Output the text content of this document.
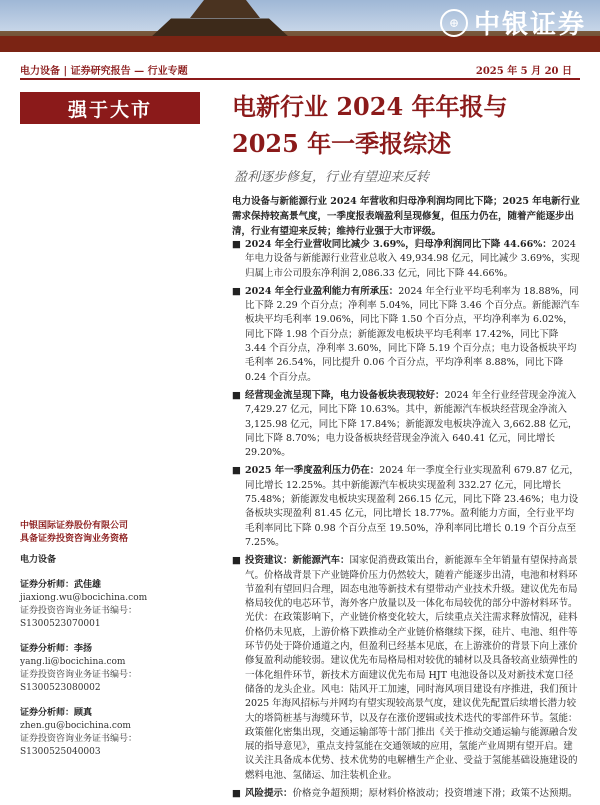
⊕ 中银证券
电力设备 | 证券研究报告 — 行业专题	2025 年 5 月 20 日
强于大市	电新行业 2024 年年报与
2025 年一季报综述
盈利逐步修复，行业有望迎来反转
电力设备与新能源行业 2024 年营收和归母净利润均同比下降；2025 年电新行业需求保持较高景气度，一季度报表端盈利呈现修复，但压力仍在，随着产能逐步出清，行业有望迎来反转；维持行业强于大市评级。
■ 2024 年全行业营收同比减少 3.69%，归母净利润同比下降 44.66%：2024 年电力设备与新能源行业营业总收入 49,934.98 亿元，同比减少 3.69%，实现归属上市公司股东净利润 2,086.33 亿元，同比下降 44.66%。
■ 2024 年全行业盈利能力有所承压：2024 年全行业平均毛利率为 18.88%，同比下降 2.29 个百分点；净利率 5.04%，同比下降 3.46 个百分点。新能源汽车板块平均毛利率 19.06%，同比下降 1.50 个百分点，平均净利率为 6.02%，同比下降 1.98 个百分点；新能源发电板块平均毛利率 17.42%，同比下降 3.44 个百分点，净利率 3.60%，同比下降 5.19 个百分点；电力设备板块平均毛利率 26.54%，同比提升 0.06 个百分点，平均净利率 8.88%，同比下降 0.24 个百分点。
■ 经营现金流呈现下降，电力设备板块表现较好：2024 年全行业经营现金净流入 7,429.27 亿元，同比下降 10.63%。其中，新能源汽车板块经营现金净流入 3,125.98 亿元，同比下降 17.84%；新能源发电板块净流入 3,662.88 亿元，同比下降 8.70%；电力设备板块经营现金净流入 640.41 亿元，同比增长 29.20%。
■ 2025 年一季度盈利压力仍在：2024 年一季度全行业实现盈利 679.87 亿元，同比增长 12.25%。其中新能源汽车板块实现盈利 332.27 亿元，同比增长 75.48%；新能源发电板块实现盈利 266.15 亿元，同比下降 23.46%；电力设备板块实现盈利 81.45 亿元，同比增长 18.77%。盈利能力方面，全行业平均毛利率同比下降 0.98 个百分点至 19.50%，净利率同比增长 0.19 个百分点至 7.25%。
■ 投资建议：新能源汽车：国家促消费政策出台，新能源车全年销量有望保持高景气。价格战背景下产业链降价压力仍然较大，随着产能逐步出清，电池和材料环节盈利有望回归合理，固态电池等新技术有望带动产业技术升级。建议优先布局格局较优的电芯环节，海外客户放量以及一体化布局较优的部分中游材料环节。光伏：在政策影响下，产业链价格变化较大，后续重点关注需求释放情况，硅料价格仍未见底，上游价格下跌推动全产业链价格继续下探，硅片、电池、组件等环节仍处于降价通道之内，但盈利已经基本见底，在上游涨价的背景下向上涨价修复盈利动能较弱。建议优先布局格局相对较优的辅材以及具备较高业绩弹性的一体化组件环节，新技术方面建议优先布局 HJT 电池设备以及对新技术宽口径储备的龙头企业。风电：陆风开工加速，同时海风项目建设有序推进，我们预计 2025 年海风招标与并网均有望实现较高景气度，建议优先配置后续增长潜力较大的塔筒桩基与海缆环节，以及存在涨价逻辑或技术迭代的零部件环节。氢能：政策催化密集出现，交通运输部等十部门推出《关于推动交通运输与能源融合发展的指导意见》，重点支持氢能在交通领域的应用，氢能产业周期有望开启。建议关注具备成本优势、技术优势的电解槽生产企业、受益于氢能基础设施建设的燃料电池、氢储运、加注装机企业。
■ 风险提示：价格竞争超预期；原材料价格波动；投资增速下滑；政策不达预期。
中银国际证券股份有限公司
具备证券投资咨询业务资格
电力设备
证券分析师：武佳雄
jiaxiong.wu@bocichina.com
证券投资咨询业务证书编号：S1300523070001
证券分析师：李扬
yang.li@bocichina.com
证券投资咨询业务证书编号：S1300523080002
证券分析师：顾真
zhen.gu@bocichina.com
证券投资咨询业务证书编号：S1300525040003
